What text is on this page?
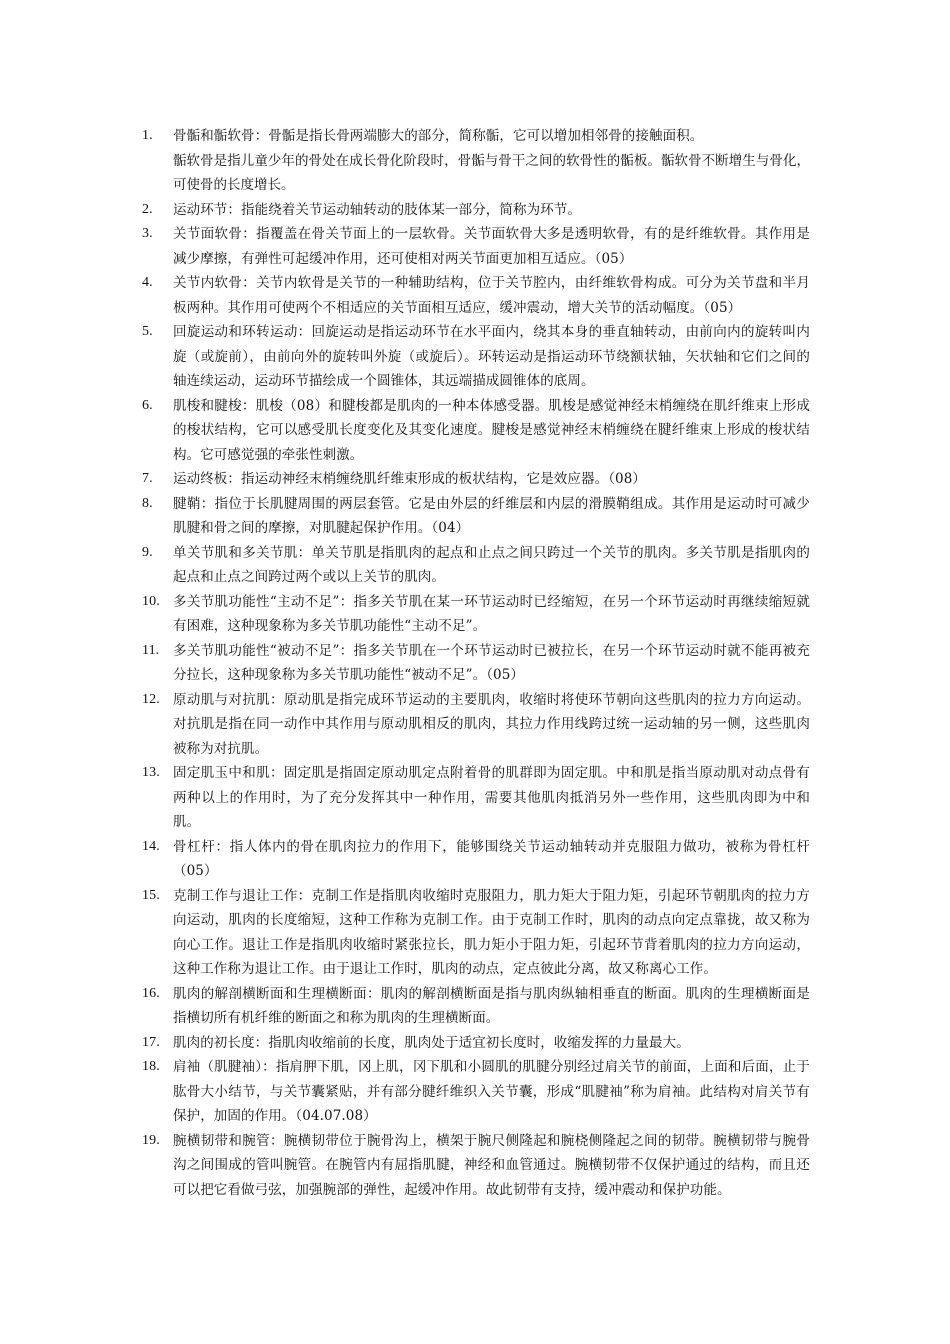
1.	骨骺和骺软骨：骨骺是指长骨两端膨大的部分，简称骺，它可以增加相邻骨的接触面积。
骺软骨是指儿童少年的骨处在成长骨化阶段时，骨骺与骨干之间的软骨性的骺板。骺软骨不断增生与骨化，可使骨的长度增长。
2.	运动环节：指能绕着关节运动轴转动的肢体某一部分，简称为环节。
3.	关节面软骨：指覆盖在骨关节面上的一层软骨。关节面软骨大多是透明软骨，有的是纤维软骨。其作用是减少摩擦，有弹性可起缓冲作用，还可使相对两关节面更加相互适应。（05）
4.	关节内软骨：关节内软骨是关节的一种辅助结构，位于关节腔内，由纤维软骨构成。可分为关节盘和半月板两种。其作用可使两个不相适应的关节面相互适应，缓冲震动，增大关节的活动幅度。（05）
5.	回旋运动和环转运动：回旋运动是指运动环节在水平面内，绕其本身的垂直轴转动，由前向内的旋转叫内旋（或旋前），由前向外的旋转叫外旋（或旋后）。环转运动是指运动环节绕额状轴，矢状轴和它们之间的轴连续运动，运动环节描绘成一个圆锥体，其远端描成圆锥体的底周。
6.	肌梭和腱梭：肌梭（08）和腱梭都是肌肉的一种本体感受器。肌梭是感觉神经末梢缠绕在肌纤维束上形成的梭状结构，它可以感受肌长度变化及其变化速度。腱梭是感觉神经末梢缠绕在腱纤维束上形成的梭状结构。它可感觉强的牵张性刺激。
7.	运动终板：指运动神经末梢缠绕肌纤维束形成的板状结构，它是效应器。（08）
8.	腱鞘：指位于长肌腱周围的两层套管。它是由外层的纤维层和内层的滑膜鞘组成。其作用是运动时可减少肌腱和骨之间的摩擦，对肌腱起保护作用。（04）
9.	单关节肌和多关节肌：单关节肌是指肌肉的起点和止点之间只跨过一个关节的肌肉。多关节肌是指肌肉的起点和止点之间跨过两个或以上关节的肌肉。
10. 多关节肌功能性“主动不足”：指多关节肌在某一环节运动时已经缩短，在另一个环节运动时再继续缩短就有困难，这种现象称为多关节肌功能性“主动不足”。
11.	多关节肌功能性“被动不足”：指多关节肌在一个环节运动时已被拉长，在另一个环节运动时就不能再被充分拉长，这种现象称为多关节肌功能性“被动不足”。（05）
12. 原动肌与对抗肌：原动肌是指完成环节运动的主要肌肉，收缩时将使环节朝向这些肌肉的拉力方向运动。对抗肌是指在同一动作中其作用与原动肌相反的肌肉，其拉力作用线跨过统一运动轴的另一侧，这些肌肉被称为对抗肌。
13. 固定肌玉中和肌：固定肌是指固定原动肌定点附着骨的肌群即为固定肌。中和肌是指当原动肌对动点骨有两种以上的作用时，为了充分发挥其中一种作用，需要其他肌肉抵消另外一些作用，这些肌肉即为中和肌。
14. 骨杠杆：指人体内的骨在肌肉拉力的作用下，能够围绕关节运动轴转动并克服阻力做功，被称为骨杠杆（05）
15. 克制工作与退让工作：克制工作是指肌肉收缩时克服阻力，肌力矩大于阻力矩，引起环节朝肌肉的拉力方向运动，肌肉的长度缩短，这种工作称为克制工作。由于克制工作时，肌肉的动点向定点靠拢，故又称为向心工作。退让工作是指肌肉收缩时紧张拉长，肌力矩小于阻力矩，引起环节背着肌肉的拉力方向运动，这种工作称为退让工作。由于退让工作时，肌肉的动点，定点彼此分离，故又称离心工作。
16. 肌肉的解剖横断面和生理横断面：肌肉的解剖横断面是指与肌肉纵轴相垂直的断面。肌肉的生理横断面是指横切所有机纤维的断面之和称为肌肉的生理横断面。
17. 肌肉的初长度：指肌肉收缩前的长度，肌肉处于适宜初长度时，收缩发挥的力量最大。
18. 肩袖（肌腱袖）：指肩胛下肌，冈上肌，冈下肌和小圆肌的肌腱分别经过肩关节的前面，上面和后面，止于肱骨大小结节，与关节囊紧贴，并有部分腱纤维织入关节囊，形成“肌腱袖”称为肩袖。此结构对肩关节有保护，加固的作用。（04.07.08）
19. 腕横韧带和腕管：腕横韧带位于腕骨沟上，横架于腕尺侧隆起和腕桡侧隆起之间的韧带。腕横韧带与腕骨沟之间围成的管叫腕管。在腕管内有屈指肌腱，神经和血管通过。腕横韧带不仅保护通过的结构，而且还可以把它看做弓弦，加强腕部的弹性，起缓冲作用。故此韧带有支持，缓冲震动和保护功能。
